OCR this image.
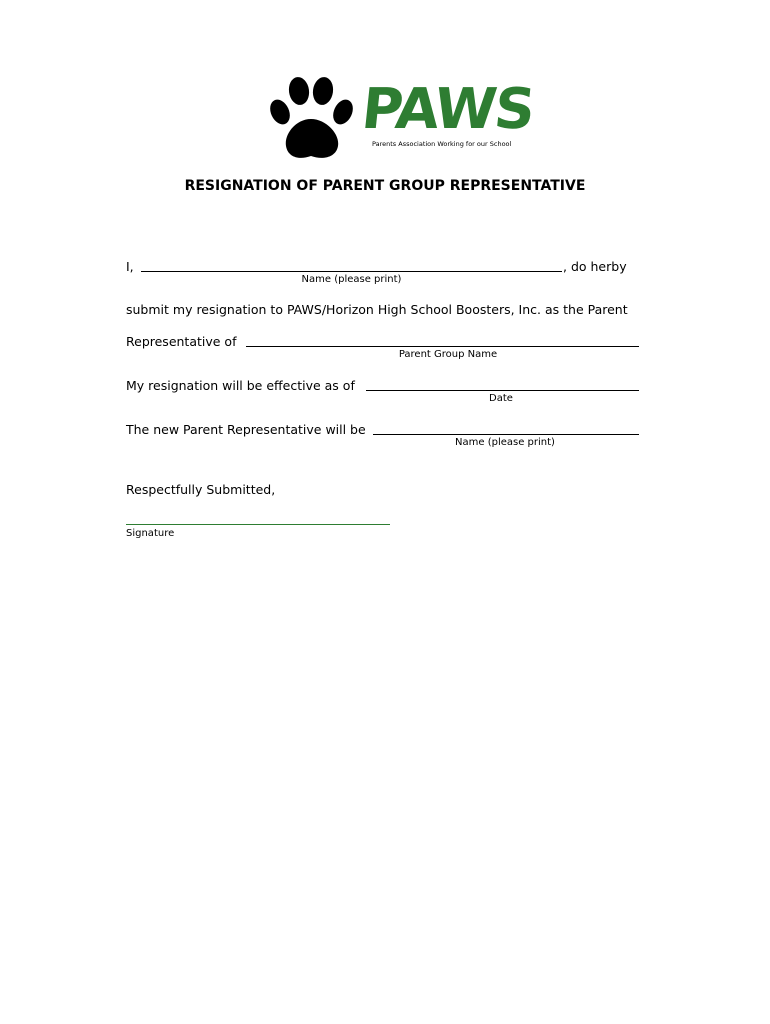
PAWS
Parents Association Working for our School
RESIGNATION OF PARENT GROUP REPRESENTATIVE
I,	, do herby
Name (please print)
submit my resignation to PAWS/Horizon High School Boosters, Inc. as the Parent
Representative of
Parent Group Name
My resignation will be effective as of
Date
The new Parent Representative will be
Name (please print)
Respectfully Submitted,
Signature
